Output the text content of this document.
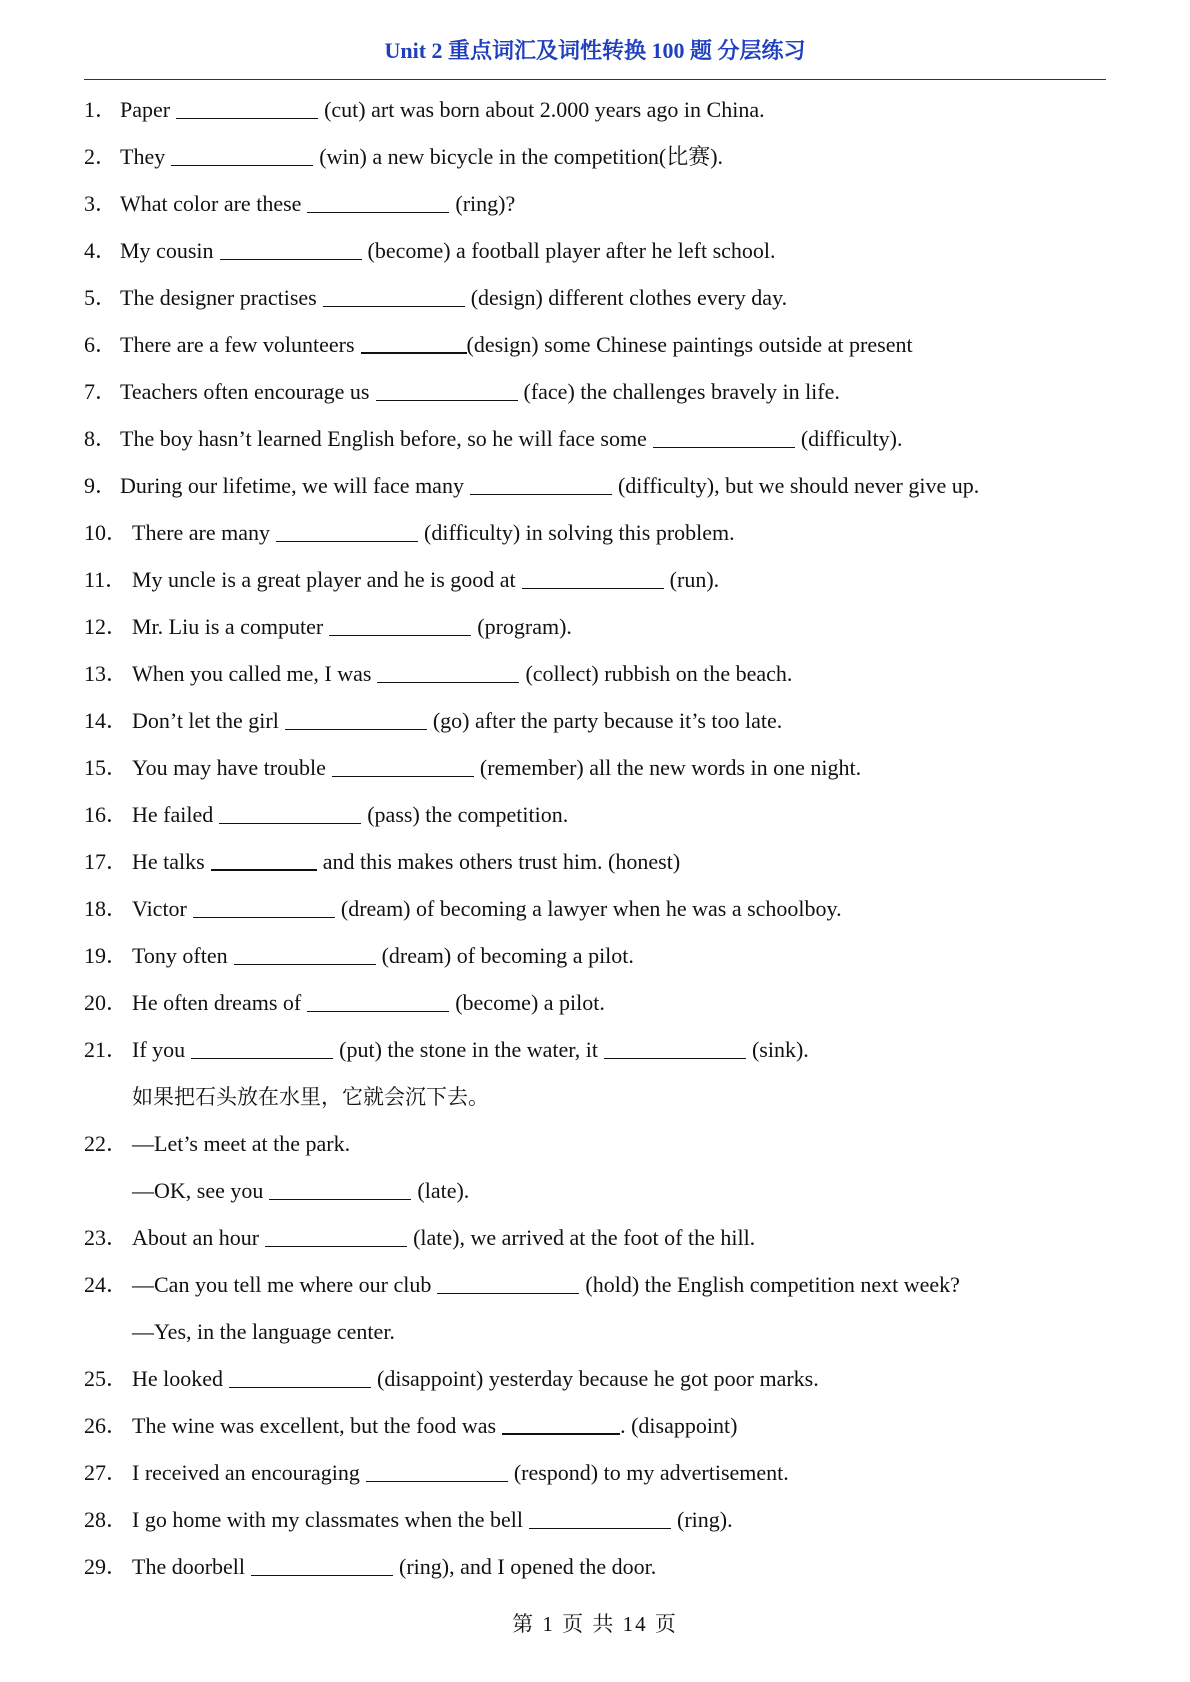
Unit 2 重点词汇及词性转换 100 题 分层练习
1． Paper	(cut) art was born about 2.000 years ago in China.
2． They	(win) a new bicycle in the competition(比赛).
3． What color are these	(ring)?
4． My cousin	(become) a football player after he left school.
5． The designer practises	(design) different clothes every day.
6． There are a few volunteers	(design) some Chinese paintings outside at present
7． Teachers often encourage us	(face) the challenges bravely in life.
8． The boy hasn’t learned English before, so he will face some	(difficulty).
9． During our lifetime, we will face many	(difficulty), but we should never give up.
10． There are many	(difficulty) in solving this problem.
11． My uncle is a great player and he is good at	(run).
12． Mr. Liu is a computer	(program).
13． When you called me, I was	(collect) rubbish on the beach.
14． Don’t let the girl	(go) after the party because it’s too late.
15． You may have trouble	(remember) all the new words in one night.
16． He failed	(pass) the competition.
17． He talks	and this makes others trust him. (honest)
18． Victor	(dream) of becoming a lawyer when he was a schoolboy.
19． Tony often	(dream) of becoming a pilot.
20． He often dreams of	(become) a pilot.
21． If you	(put) the stone in the water, it	(sink).
如果把石头放在水里，它就会沉下去。
22． —Let’s meet at the park.
—OK, see you	(late).
23． About an hour	(late), we arrived at the foot of the hill.
24． —Can you tell me where our club	(hold) the English competition next week?
—Yes, in the language center.
25． He looked	(disappoint) yesterday because he got poor marks.
26． The wine was excellent, but the food was	. (disappoint)
27． I received an encouraging	(respond) to my advertisement.
28． I go home with my classmates when the bell	(ring).
29． The doorbell	(ring), and I opened the door.
第 1 页 共 14 页
